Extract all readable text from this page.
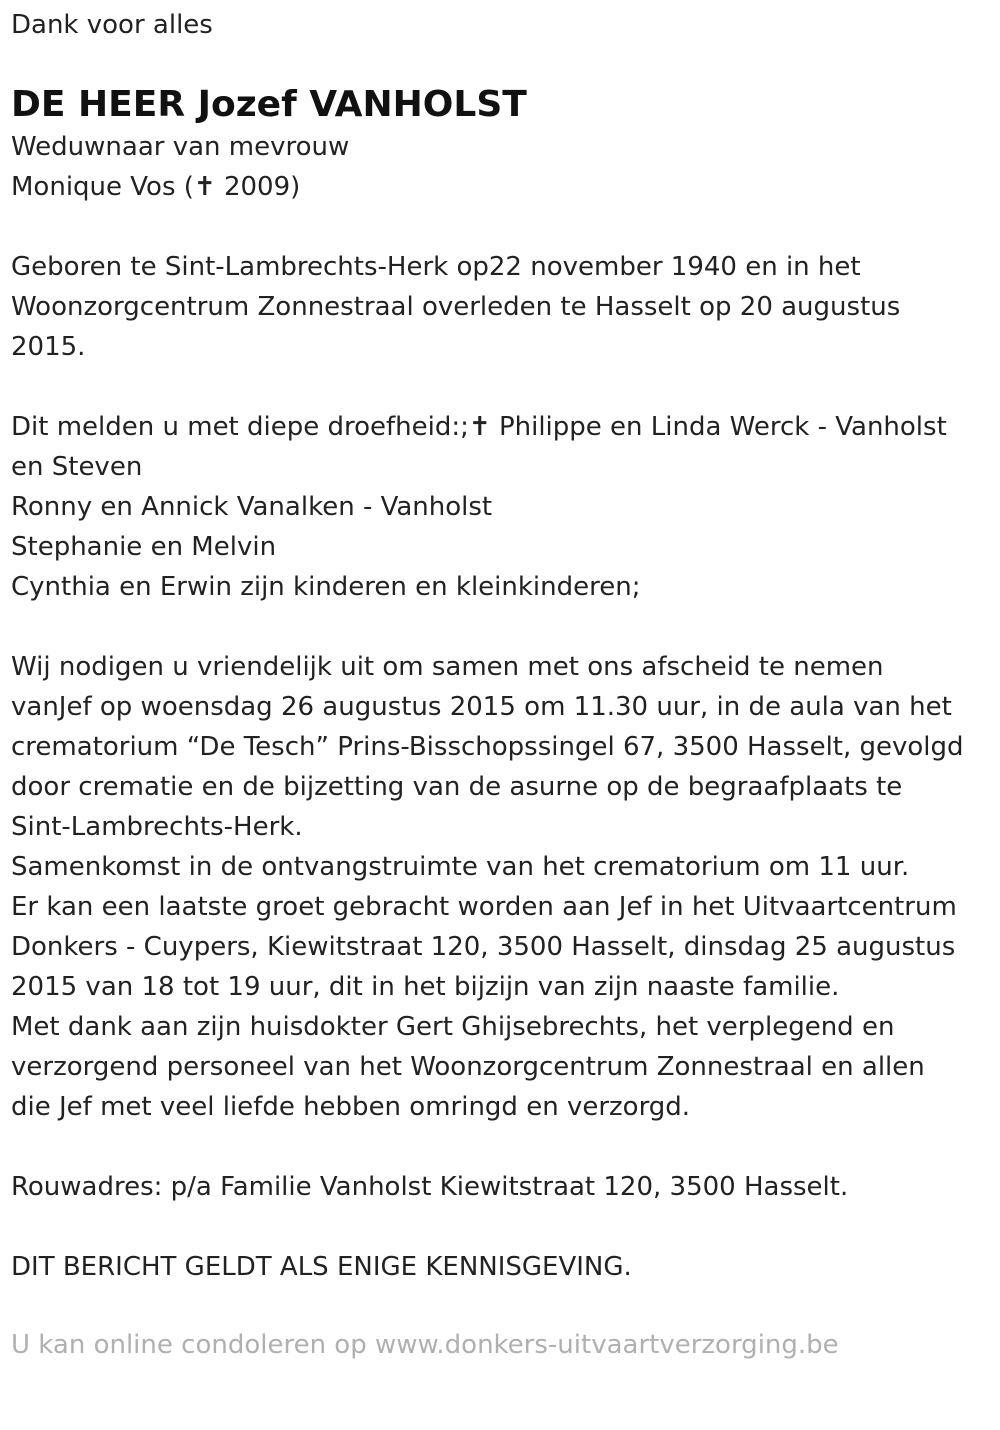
Dank voor alles

DE HEER Jozef VANHOLST

Weduwnaar van mevrouw

Monique Vos (✝ 2009)

Geboren te Sint-Lambrechts-Herk op22 november 1940 en in het Woonzorgcentrum Zonnestraal overleden te Hasselt op 20 augustus 2015.

Dit melden u met diepe droefheid:;✝ Philippe en Linda Werck - Vanholst en Steven

Ronny en Annick Vanalken - Vanholst

Stephanie en Melvin

Cynthia en Erwin zijn kinderen en kleinkinderen;

Wij nodigen u vriendelijk uit om samen met ons afscheid te nemen vanJef op woensdag 26 augustus 2015 om 11.30 uur, in de aula van het crematorium “De Tesch” Prins-Bisschopssingel 67, 3500 Hasselt, gevolgd door crematie en de bijzetting van de asurne op de begraafplaats te Sint-Lambrechts-Herk.

Samenkomst in de ontvangstruimte van het crematorium om 11 uur.

Er kan een laatste groet gebracht worden aan Jef in het Uitvaartcentrum Donkers - Cuypers, Kiewitstraat 120, 3500 Hasselt, dinsdag 25 augustus 2015 van 18 tot 19 uur, dit in het bijzijn van zijn naaste familie.

Met dank aan zijn huisdokter Gert Ghijsebrechts, het verplegend en verzorgend personeel van het Woonzorgcentrum Zonnestraal en allen die Jef met veel liefde hebben omringd en verzorgd.

Rouwadres: p/a Familie Vanholst Kiewitstraat 120, 3500 Hasselt.

DIT BERICHT GELDT ALS ENIGE KENNISGEVING.

U kan online condoleren op www.donkers-uitvaartverzorging.be
